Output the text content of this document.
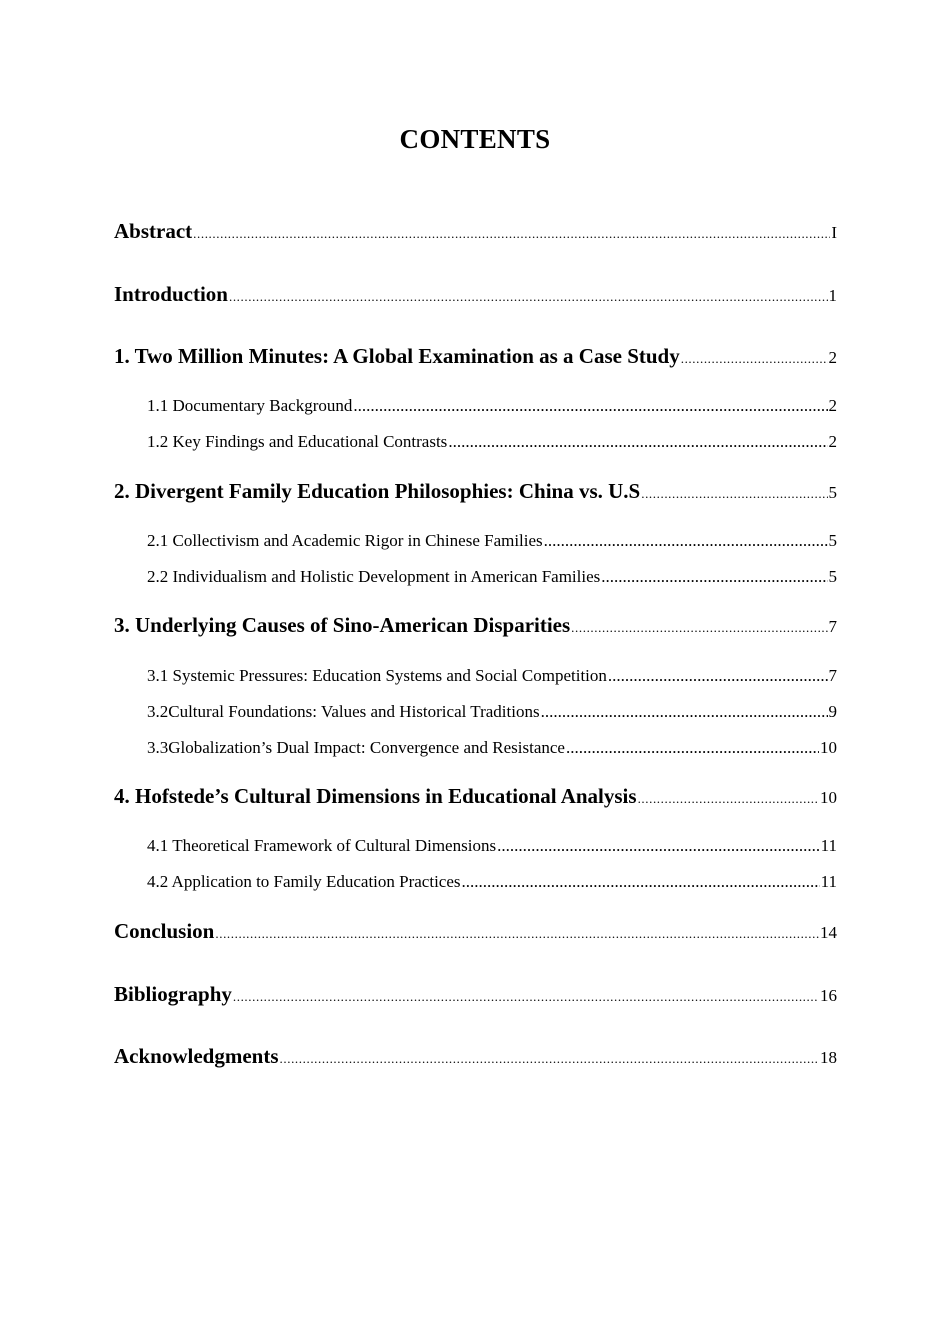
CONTENTS
Abstract .....	I
Introduction .....	1
1. Two Million Minutes: A Global Examination as a Case Study .....	2
1.1 Documentary Background .....	2
1.2 Key Findings and Educational Contrasts .....	2
2. Divergent Family Education Philosophies: China vs. U.S .....	5
2.1 Collectivism and Academic Rigor in Chinese Families .....	5
2.2 Individualism and Holistic Development in American Families .....	5
3. Underlying Causes of Sino-American Disparities .....	7
3.1 Systemic Pressures: Education Systems and Social Competition .....	7
3.2Cultural Foundations: Values and Historical Traditions .....	9
3.3Globalization’s Dual Impact: Convergence and Resistance .....	10
4. Hofstede’s Cultural Dimensions in Educational Analysis .....	10
4.1 Theoretical Framework of Cultural Dimensions .....	11
4.2 Application to Family Education Practices .....	11
Conclusion .....	14
Bibliography .....	16
Acknowledgments .....	18
